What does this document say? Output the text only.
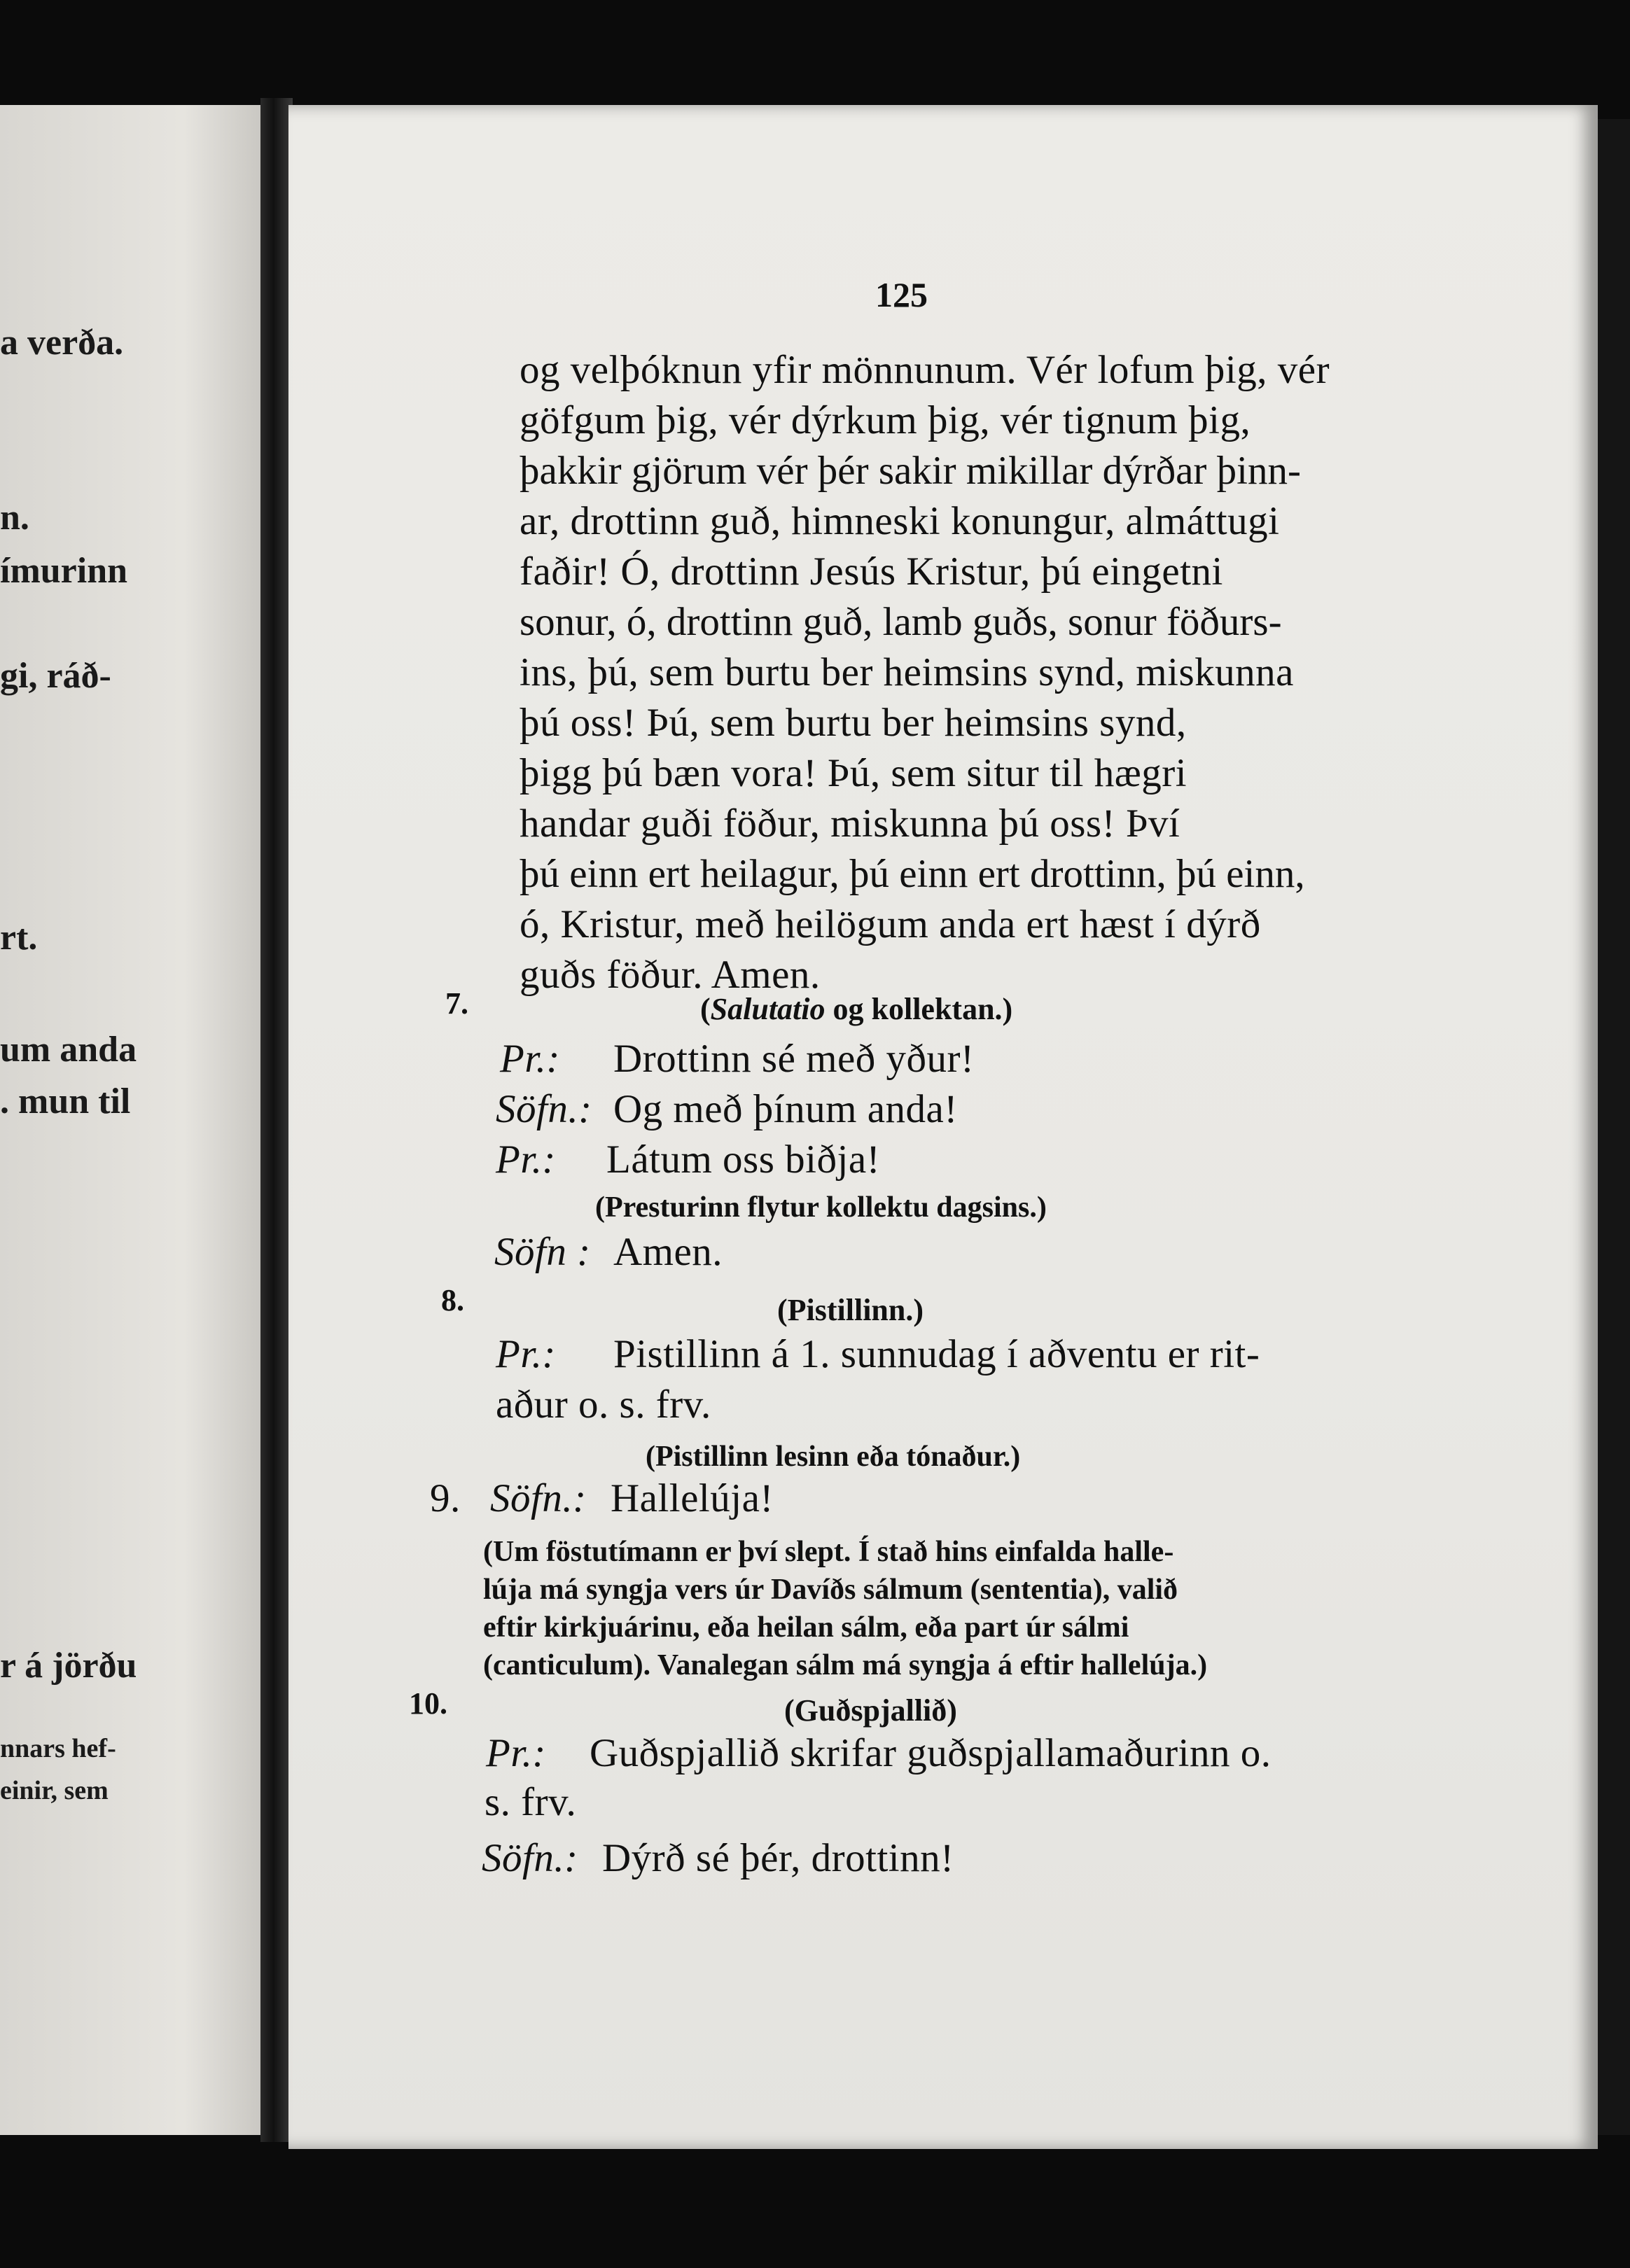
a verða.
n.
ímurinn
gi, ráð-
rt.
um anda
. mun til
r á jörðu
nnars hef-
einir, sem
125
og velþóknun yfir mönnunum. Vér lofum þig, vér
göfgum þig, vér dýrkum þig, vér tignum þig,
þakkir gjörum vér þér sakir mikillar dýrðar þinn-
ar, drottinn guð, himneski konungur, almáttugi
faðir! Ó, drottinn Jesús Kristur, þú eingetni
sonur, ó, drottinn guð, lamb guðs, sonur föðurs-
ins, þú, sem burtu ber heimsins synd, miskunna
þú oss! Þú, sem burtu ber heimsins synd,
þigg þú bæn vora! Þú, sem situr til hægri
handar guði föður, miskunna þú oss! Því
þú einn ert heilagur, þú einn ert drottinn, þú einn,
ó, Kristur, með heilögum anda ert hæst í dýrð
guðs föður. Amen.
7.	(Salutatio og kollektan.)
Pr.: Drottinn sé með yður!
Söfn.: Og með þínum anda!
Pr.: Látum oss biðja!
(Presturinn flytur kollektu dagsins.)
Söfn : Amen.
8.	(Pistillinn.)
Pr.: Pistillinn á 1. sunnudag í aðventu er rit-
aður o. s. frv.
(Pistillinn lesinn eða tónaður.)
9. Söfn.: Hallelúja!
(Um föstutímann er því slept. Í stað hins einfalda halle-
lúja má syngja vers úr Davíðs sálmum (sententia), valið
eftir kirkjuárinu, eða heilan sálm, eða part úr sálmi
(canticulum). Vanalegan sálm má syngja á eftir hallelúja.)
10.	(Guðspjallið)
Pr.: Guðspjallið skrifar guðspjallamaðurinn o.
s. frv.
Söfn.: Dýrð sé þér, drottinn!
